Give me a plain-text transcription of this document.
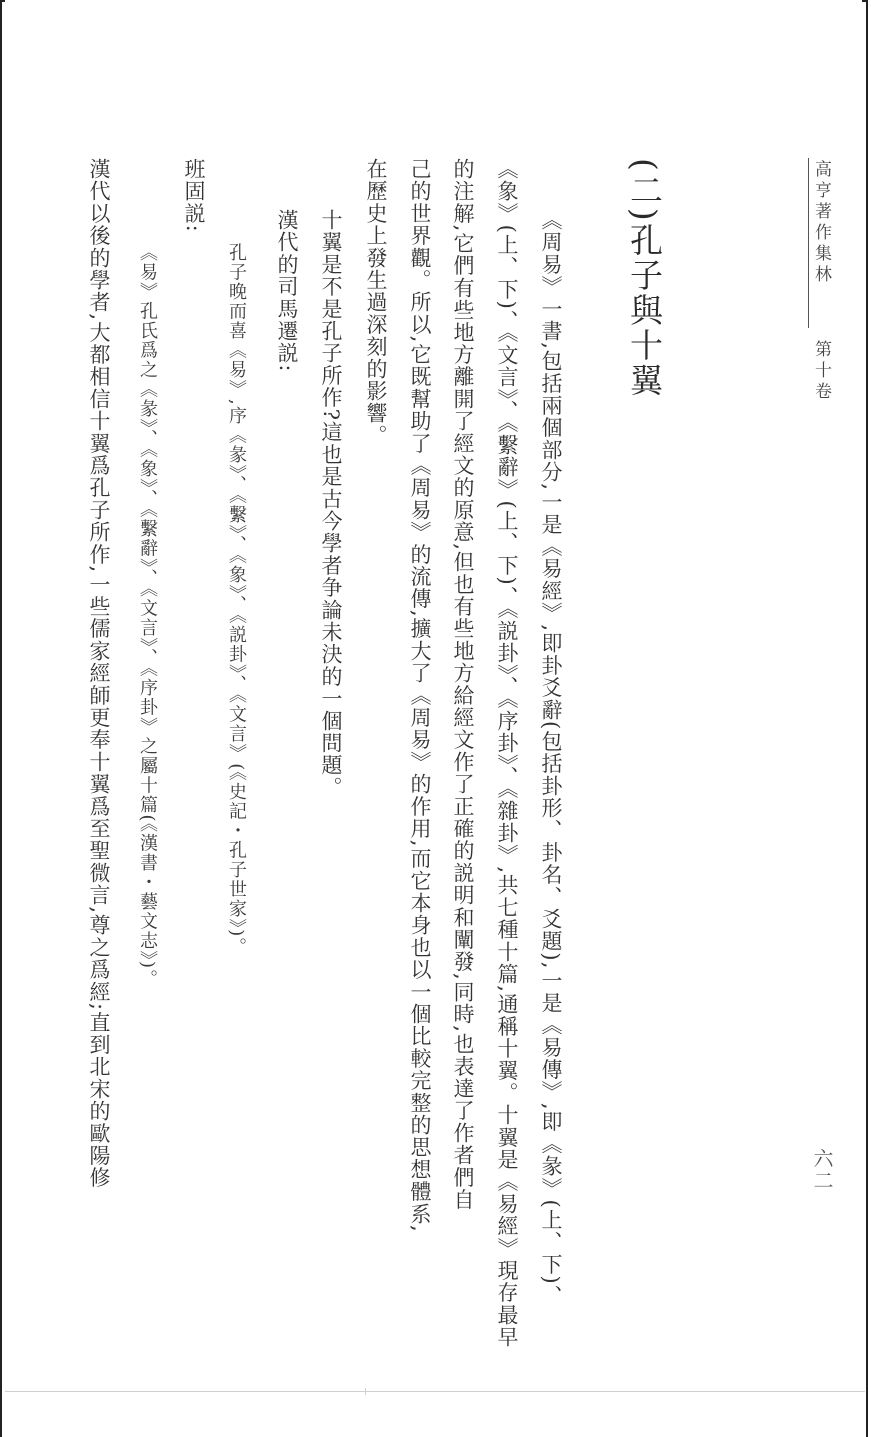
高亨著作集林
第十卷
(二)孔子與十翼
《周易》一書,包括兩個部分,一是《易經》,即卦爻辭(包括卦形、卦名、爻題),一是《易傳》,即《彖》(上、下)、
《象》(上、下)、《文言》、《繫辭》(上、下)、《説卦》、《序卦》、《雜卦》,共七種十篇,通稱十翼。十翼是《易經》現存最早
的注解,它們有些地方離開了經文的原意,但也有些地方給經文作了正確的説明和闡發,同時,也表達了作者們自
己的世界觀。所以,它既幫助了《周易》的流傳,擴大了《周易》的作用,而它本身也以一個比較完整的思想體系,
在歷史上發生過深刻的影響。
十翼是不是孔子所作?這也是古今學者争論未決的一個問題。
漢代的司馬遷説:
孔子晚而喜《易》,序《彖》、《繫》、《象》、《説卦》、《文言》(《史記・孔子世家》)。
班固説:
《易》孔氏爲之《彖》、《象》、《繫辭》、《文言》、《序卦》之屬十篇(《漢書・藝文志》)。
漢代以後的學者,大都相信十翼爲孔子所作,一些儒家經師更奉十翼爲至聖微言,尊之爲經;直到北宋的歐陽修	六二
